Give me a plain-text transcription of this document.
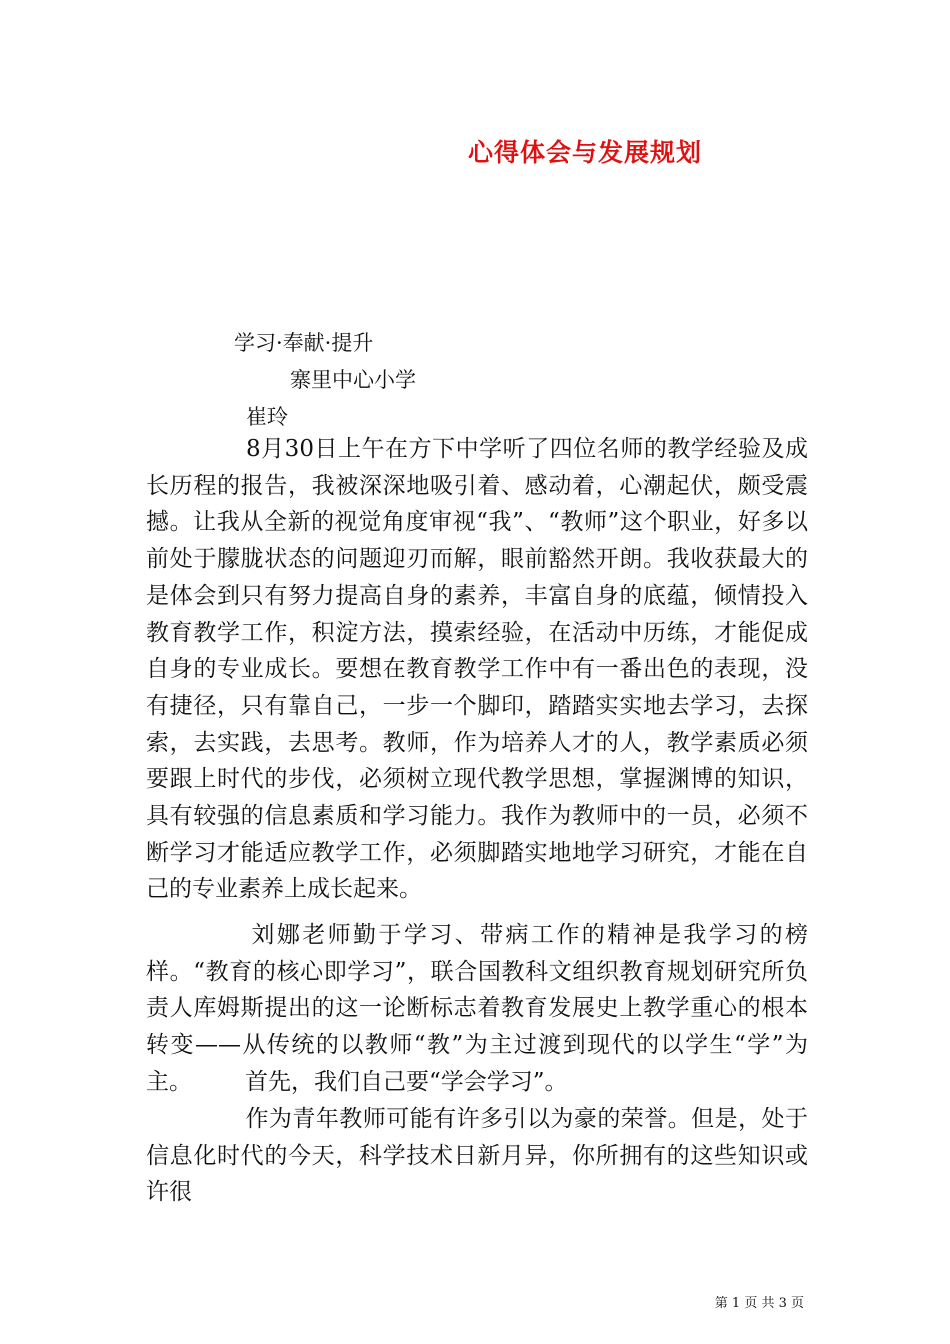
心得体会与发展规划
学习·奉献·提升
寨里中心小学
崔玲

8月30日上午在方下中学听了四位名师的教学经验及成长历程的报告，我被深深地吸引着、感动着，心潮起伏，颇受震撼。让我从全新的视觉角度审视“我”、“教师”这个职业，好多以前处于朦胧状态的问题迎刃而解，眼前豁然开朗。我收获最大的是体会到只有努力提高自身的素养，丰富自身的底蕴，倾情投入教育教学工作，积淀方法，摸索经验，在活动中历练，才能促成自身的专业成长。要想在教育教学工作中有一番出色的表现，没有捷径，只有靠自己，一步一个脚印，踏踏实实地去学习，去探索，去实践，去思考。教师，作为培养人才的人，教学素质必须要跟上时代的步伐，必须树立现代教学思想，掌握渊博的知识，具有较强的信息素质和学习能力。我作为教师中的一员，必须不断学习才能适应教学工作，必须脚踏实地地学习研究，才能在自己的专业素养上成长起来。

刘娜老师勤于学习、带病工作的精神是我学习的榜样。“教育的核心即学习”，联合国教科文组织教育规划研究所负责人库姆斯提出的这一论断标志着教育发展史上教学重心的根本转变——从传统的以教师“教”为主过渡到现代的以学生“学”为主。	首先，我们自己要“学会学习”。

作为青年教师可能有许多引以为豪的荣誉。但是，处于信息化时代的今天，科学技术日新月异，你所拥有的这些知识或许很

第 1 页 共 3 页
